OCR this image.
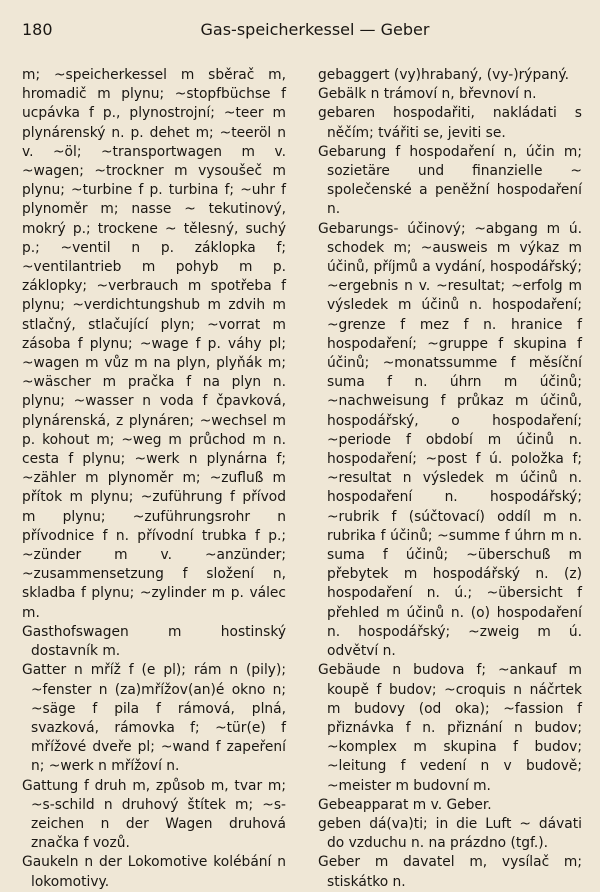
180	Gas-speicherkessel — Geber

m; ~speicherkessel m sběrač m, hromadič m plynu; ~stopfbüchse f ucpávka f p., plynostrojní; ~teer m plynárenský n. p. dehet m; ~teeröl n v. ~öl; ~transportwagen m v. ~wagen; ~trockner m vysoušeč m plynu; ~turbine f p. turbina f; ~uhr f plynoměr m; nasse ~ tekutinový, mokrý p.; trockene ~ tělesný, suchý p.; ~ventil n p. záklopka f; ~ventilantrieb m pohyb m p. záklopky; ~verbrauch m spotřeba f plynu; ~verdichtungshub m zdvih m stlačný, stlačující plyn; ~vorrat m zásoba f plynu; ~wage f p. váhy pl; ~wagen m vůz m na plyn, plyňák m; ~wäscher m pračka f na plyn n. plynu; ~wasser n voda f čpavková, plynárenská, z plynáren; ~wechsel m p. kohout m; ~weg m průchod m n. cesta f plynu; ~werk n plynárna f; ~zähler m plynoměr m; ~zufluß m přítok m plynu; ~zuführung f přívod m plynu; ~zuführungsrohr n přívodnice f n. přívodní trubka f p.; ~zünder m v. ~anzünder; ~zusammensetzung f složení n, skladba f plynu; ~zylinder m p. válec m.

Gasthofswagen m hostinský dostavník m.

Gatter n mříž f (e pl); rám n (pily); ~fenster n (za)mřížov(an)é okno n; ~säge f pila f rámová, plná, svazková, rámovka f; ~tür(e) f mřížové dveře pl; ~wand f zapeření n; ~werk n mřížoví n.

Gattung f druh m, způsob m, tvar m; ~s-schild n druhový štítek m; ~s-zeichen n der Wagen druhová značka f vozů.

Gaukeln n der Lokomotive kolébání n lokomotivy.

gebaggert (vy)hrabaný, (vy-)rýpaný.

Gebälk n trámoví n, břevnoví n.

gebaren hospodařiti, nakládati s něčím; tvářiti se, jeviti se.

Gebarung f hospodaření n, účin m; sozietäre und finanzielle ~ společenské a peněžní hospodaření n.

Gebarungs- účinový; ~abgang m ú. schodek m; ~ausweis m výkaz m účinů, příjmů a vydání, hospodářský; ~ergebnis n v. ~resultat; ~erfolg m výsledek m účinů n. hospodaření; ~grenze f mez f n. hranice f hospodaření; ~gruppe f skupina f účinů; ~monatssumme f měsíční suma f n. úhrn m účinů; ~nachweisung f průkaz m účinů, hospodářský, o hospodaření; ~periode f období m účinů n. hospodaření; ~post f ú. položka f; ~resultat n výsledek m účinů n. hospodaření n. hospodářský; ~rubrik f (súčtovací) oddíl m n. rubrika f účinů; ~summe f úhrn m n. suma f účinů; ~überschuß m přebytek m hospodářský n. (z) hospodaření n. ú.; ~übersicht f přehled m účinů n. (o) hospodaření n. hospodářský; ~zweig m ú. odvětví n.

Gebäude n budova f; ~ankauf m koupě f budov; ~croquis n náčrtek m budovy (od oka); ~fassion f přiznávka f n. přiznání n budov; ~komplex m skupina f budov; ~leitung f vedení n v budově; ~meister m budovní m.

Gebeapparat m v. Geber.

geben dá(va)ti; in die Luft ~ dávati do vzduchu n. na prázdno (tgf.).

Geber m davatel m, vysílač m; stiskátko n.
